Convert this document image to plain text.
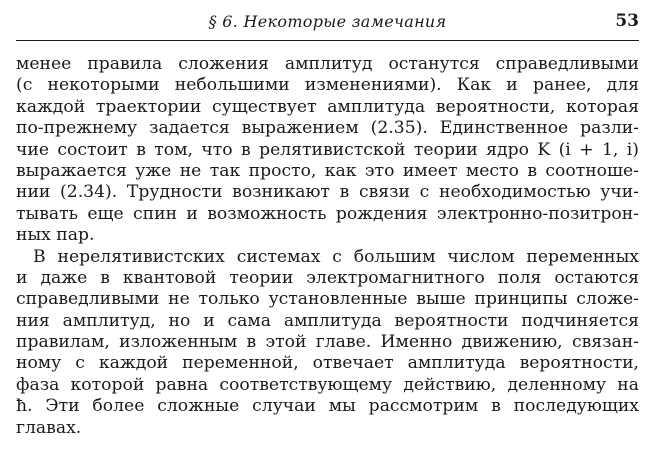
§ 6. Некоторые замечания	53
менее правила сложения амплитуд останутся справедливыми
(с некоторыми небольшими изменениями). Как и ранее, для
каждой траектории существует амплитуда вероятности, которая
по-прежнему задается выражением (2.35). Единственное разли-
чие состоит в том, что в релятивистской теории ядро K (i + 1, i)
выражается уже не так просто, как это имеет место в соотноше-
нии (2.34). Трудности возникают в связи с необходимостью учи-
тывать еще спин и возможность рождения электронно-позитрон-
ных пар.
В нерелятивистских системах с большим числом переменных
и даже в квантовой теории электромагнитного поля остаются
справедливыми не только установленные выше принципы сложе-
ния амплитуд, но и сама амплитуда вероятности подчиняется
правилам, изложенным в этой главе. Именно движению, связан-
ному с каждой переменной, отвечает амплитуда вероятности,
фаза которой равна соответствующему действию, деленному на
ħ. Эти более сложные случаи мы рассмотрим в последующих
главах.
